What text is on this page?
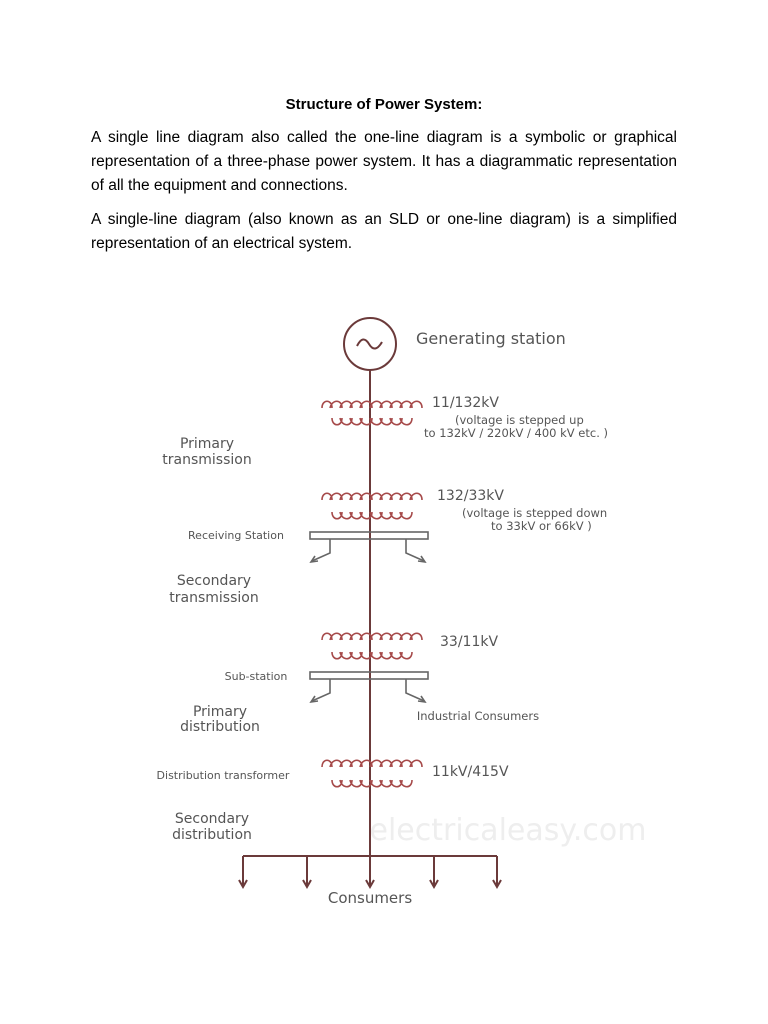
Structure of Power System:

A single line diagram also called the one-line diagram is a symbolic or graphical representation of a three-phase power system. It has a diagrammatic representation of all the equipment and connections.

A single-line diagram (also known as an SLD or one-line diagram) is a simplified representation of an electrical system.

electricaleasy.com
Generating station
11/132kV
(voltage is stepped up
to 132kV / 220kV / 400 kV etc. )
132/33kV
(voltage is stepped down
to 33kV or 66kV )
33/11kV
11kV/415V
Primary
transmission
Receiving Station
Secondary
transmission
Sub-station
Primary
distribution
Distribution transformer
Secondary
distribution
Industrial Consumers
Consumers
